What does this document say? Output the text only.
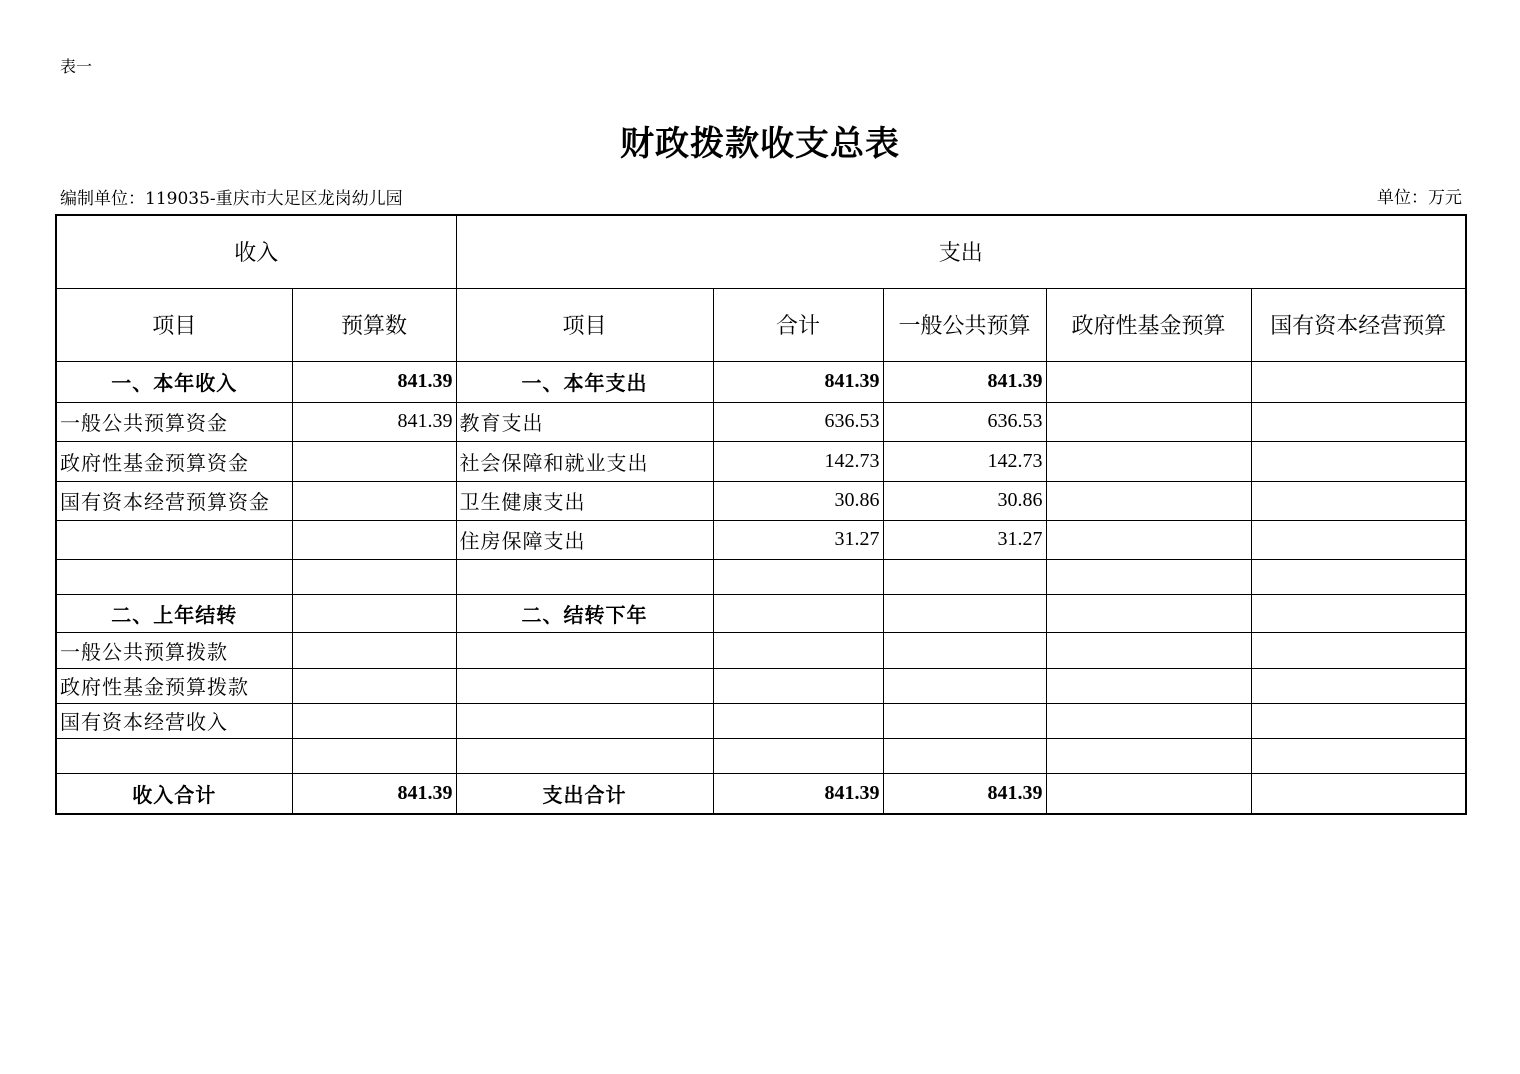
表一
财政拨款收支总表
编制单位：119035-重庆市大足区龙岗幼儿园	单位：万元
收入		支出				
项目	预算数	项目	合计	一般公共预算	政府性基金预算	国有资本经营预算
一、本年收入	841.39	一、本年支出	841.39	841.39		
一般公共预算资金	841.39	教育支出	636.53	636.53		
政府性基金预算资金		社会保障和就业支出	142.73	142.73		
国有资本经营预算资金		卫生健康支出	30.86	30.86		
		住房保障支出	31.27	31.27		

二、上年结转		二、结转下年				
一般公共预算拨款						
政府性基金预算拨款						
国有资本经营收入						

收入合计	841.39	支出合计	841.39	841.39		
